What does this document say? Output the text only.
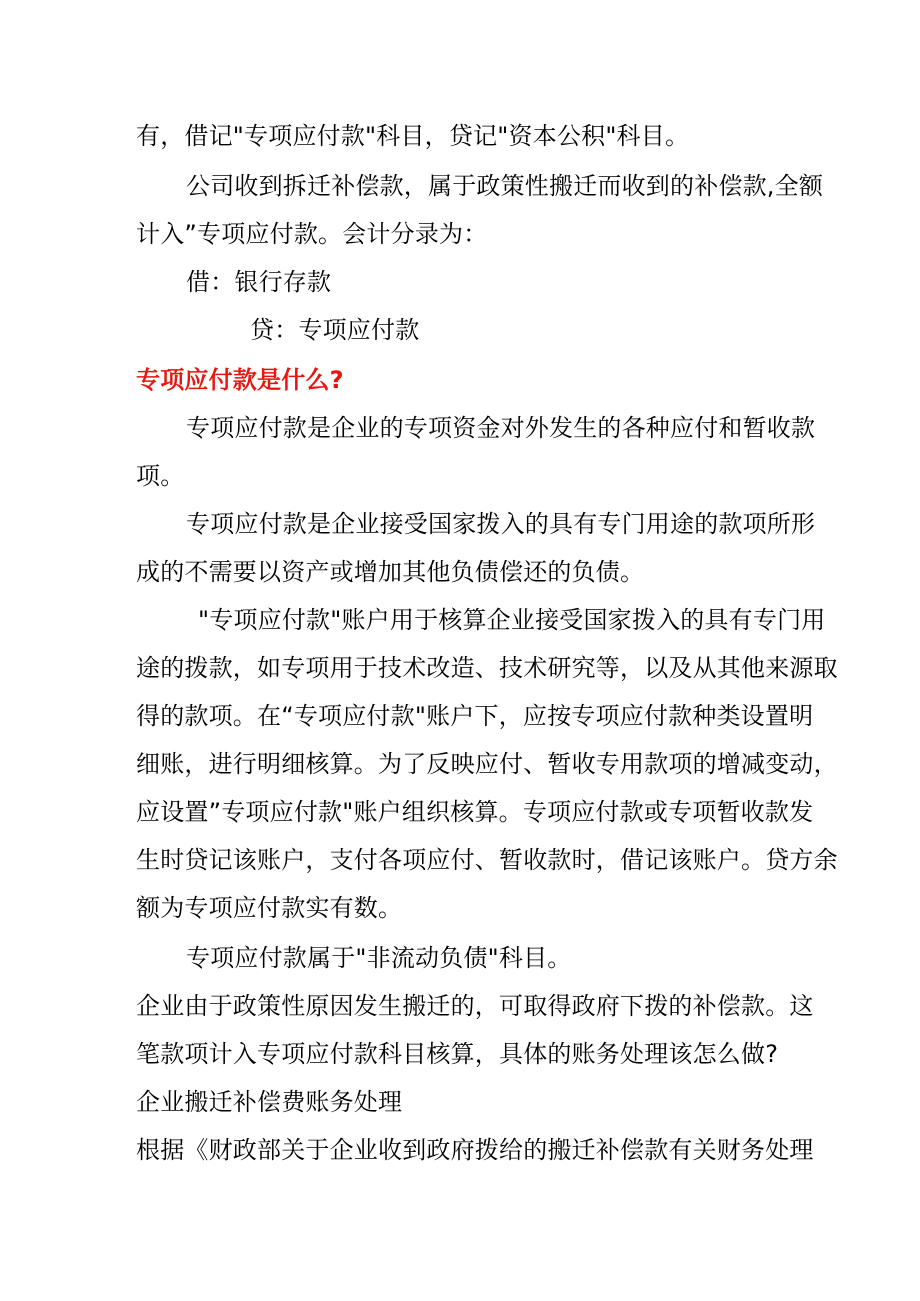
有，借记"专项应付款"科目，贷记"资本公积"科目。
公司收到拆迁补偿款，属于政策性搬迁而收到的补偿款,全额
计入”专项应付款。会计分录为：
借：银行存款
贷：专项应付款
专项应付款是什么?
专项应付款是企业的专项资金对外发生的各种应付和暂收款
项。
专项应付款是企业接受国家拨入的具有专门用途的款项所形
成的不需要以资产或增加其他负债偿还的负债。
"专项应付款"账户用于核算企业接受国家拨入的具有专门用
途的拨款，如专项用于技术改造、技术研究等，以及从其他来源取
得的款项。在“专项应付款"账户下，应按专项应付款种类设置明
细账，进行明细核算。为了反映应付、暂收专用款项的增减变动，
应设置”专项应付款"账户组织核算。专项应付款或专项暂收款发
生时贷记该账户，支付各项应付、暂收款时，借记该账户。贷方余
额为专项应付款实有数。
专项应付款属于"非流动负债"科目。
企业由于政策性原因发生搬迁的，可取得政府下拨的补偿款。这
笔款项计入专项应付款科目核算，具体的账务处理该怎么做?
企业搬迁补偿费账务处理
根据《财政部关于企业收到政府拨给的搬迁补偿款有关财务处理
